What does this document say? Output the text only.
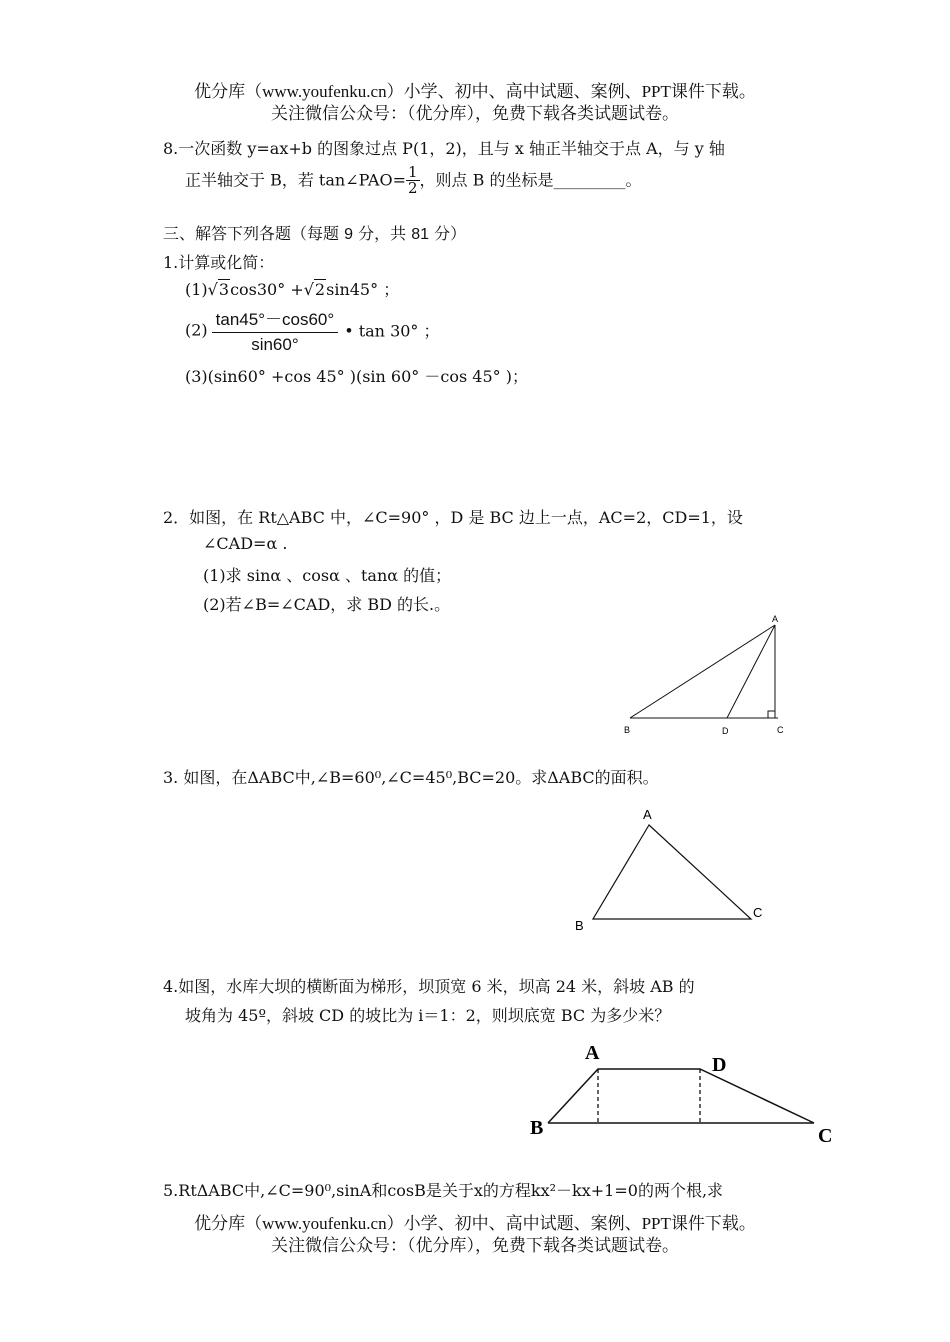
优分库（www.youfenku.cn）小学、初中、高中试题、案例、PPT课件下载。
关注微信公众号：（优分库），免费下载各类试题试卷。
8.一次函数 y=ax+b 的图象过点 P(1，2)，且与 x 轴正半轴交于点 A，与 y 轴
正半轴交于 B，若 tan∠PAO= $\frac{1}{2}$ ，则点 B 的坐标是_________。
三、解答下列各题（每题 9 分，共 81 分）
1.计算或化简：
(1)√3cos30° +√2sin45° ；
$(2) \frac{\tan 45^\circ-\cos 60^\circ}{\sin 60^\circ}$ • tan 30° ；
(3)(sin60° +cos 45° )(sin 60° －cos 45° )；
2．如图，在 Rt△ABC 中，∠C=90° ，D 是 BC 边上一点，AC=2，CD=1，设
∠CAD=α .
(1)求 sinα 、cosα 、tanα 的值；
(2)若∠B=∠CAD，求 BD 的长.。
A
B	C
D
3. 如图，在ΔABC中,∠B=60⁰,∠C=45⁰,BC=20。求ΔABC的面积。
A
B
C
4.如图，水库大坝的横断面为梯形，坝顶宽 6 米，坝高 24 米，斜坡 AB 的
坡角为 45º，斜坡 CD 的坡比为 i＝1：2，则坝底宽 BC 为多少米？
A
B
D
C
5.RtΔABC中,∠C=90⁰,sinA和cosB是关于x的方程kx²－kx+1=0的两个根,求
优分库（www.youfenku.cn）小学、初中、高中试题、案例、PPT课件下载。
关注微信公众号：（优分库），免费下载各类试题试卷。
